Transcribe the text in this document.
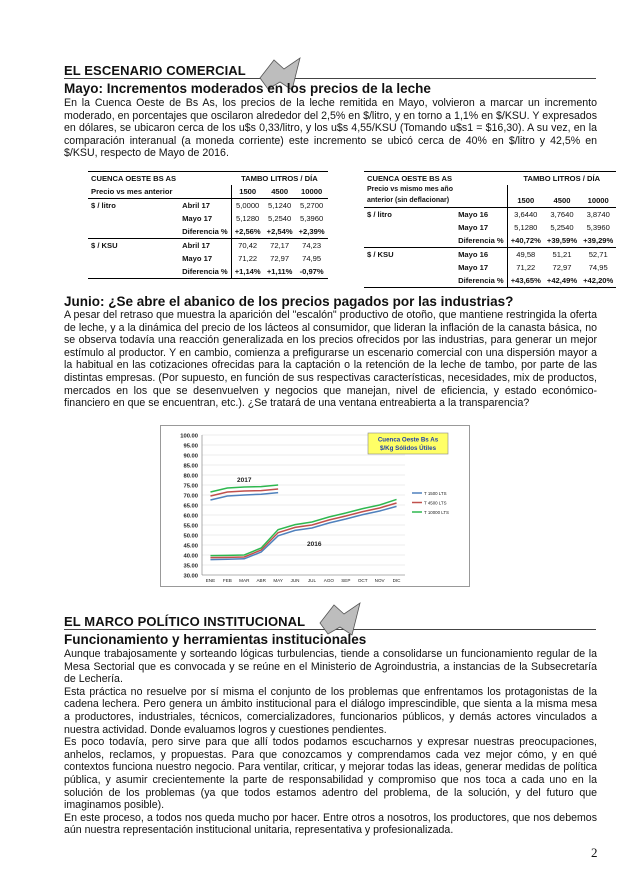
EL ESCENARIO COMERCIAL
Mayo: Incrementos moderados en los precios de la leche
En la Cuenca Oeste de Bs As, los precios de la leche remitida en Mayo, volvieron a marcar un incremento moderado, en porcentajes que oscilaron alrededor del 2,5% en $/litro, y en torno a 1,1% en $/KSU. Y expresados en dólares, se ubicaron cerca de los u$s 0,33/litro, y los u$s 4,55/KSU (Tomando u$s1 = $16,30). A su vez, en la comparación interanual (a moneda corriente) este incremento se ubicó cerca de 40% en $/litro y 42,5% en $/KSU, respecto de Mayo de 2016.
CUENCA OESTE BS AS		TAMBO LITROS / DÍA		
Precio vs mes anterior		1500	4500	10000
$ / litro	Abril 17	5,0000	5,1240	5,2700
	Mayo 17	5,1280	5,2540	5,3960
	Diferencia %	+2,56%	+2,54%	+2,39%
$ / KSU	Abril 17	70,42	72,17	74,23
	Mayo 17	71,22	72,97	74,95
	Diferencia %	+1,14%	+1,11%	-0,97%
CUENCA OESTE BS AS		TAMBO LITROS / DÍA		
Precio vs mismo mes año				
anterior (sin deflacionar)		1500	4500	10000
$ / litro	Mayo 16	3,6440	3,7640	3,8740
	Mayo 17	5,1280	5,2540	5,3960
	Diferencia %	+40,72%	+39,59%	+39,29%
$ / KSU	Mayo 16	49,58	51,21	52,71
	Mayo 17	71,22	72,97	74,95
	Diferencia %	+43,65%	+42,49%	+42,20%
Junio: ¿Se abre el abanico de los precios pagados por las industrias?
A pesar del retraso que muestra la aparición del "escalón" productivo de otoño, que mantiene restringida la oferta de leche, y a la dinámica del precio de los lácteos al consumidor, que lideran la inflación de la canasta básica, no se observa todavía una reacción generalizada en los precios ofrecidos por las industrias, para generar un mejor estímulo al productor. Y en cambio, comienza a prefigurarse un escenario comercial con una dispersión mayor a la habitual en las cotizaciones ofrecidas para la captación o la retención de la leche de tambo, por parte de las distintas empresas. (Por supuesto, en función de sus respectivas características, necesidades, mix de productos, mercados en los que se desenvuelven y negocios que manejan, nivel de eficiencia, y estado económico-financiero en que se encuentran, etc.). ¿Se tratará de una ventana entreabierta a la transparencia?
30.00
35.00
40.00
45.00
50.00
55.00
60.00
65.00
70.00
75.00
80.00
85.00
90.00
95.00
100.00
ENE FEB MAR ABR MAY JUN JUL AGO SEP OCT NOV DIC
2017
2016
Cuenca Oeste Bs As
$/Kg Sólidos Útiles
T 1500 LTS
T 4500 LTS
T 10000 LTS
EL MARCO POLÍTICO INSTITUCIONAL
Funcionamiento y herramientas institucionales

Aunque trabajosamente y sorteando lógicas turbulencias, tiende a consolidarse un funcionamiento regular de la Mesa Sectorial que es convocada y se reúne en el Ministerio de Agroindustria, a instancias de la Subsecretaría de Lechería.

Esta práctica no resuelve por sí misma el conjunto de los problemas que enfrentamos los protagonistas de la cadena lechera. Pero genera un ámbito institucional para el diálogo imprescindible, que sienta a la misma mesa a productores, industriales, técnicos, comercializadores, funcionarios públicos, y demás actores vinculados a nuestra actividad. Donde evaluamos logros y cuestiones pendientes.

Es poco todavía, pero sirve para que allí todos podamos escucharnos y expresar nuestras preocupaciones, anhelos, reclamos, y propuestas. Para que conozcamos y comprendamos cada vez mejor cómo, y en qué contextos funciona nuestro negocio. Para ventilar, criticar, y mejorar todas las ideas, generar medidas de política pública, y asumir crecientemente la parte de responsabilidad y compromiso que nos toca a cada uno en la solución de los problemas (ya que todos estamos adentro del problema, de la solución, y del futuro que imaginamos posible).

En este proceso, a todos nos queda mucho por hacer. Entre otros a nosotros, los productores, que nos debemos aún nuestra representación institucional unitaria, representativa y profesionalizada.

2
